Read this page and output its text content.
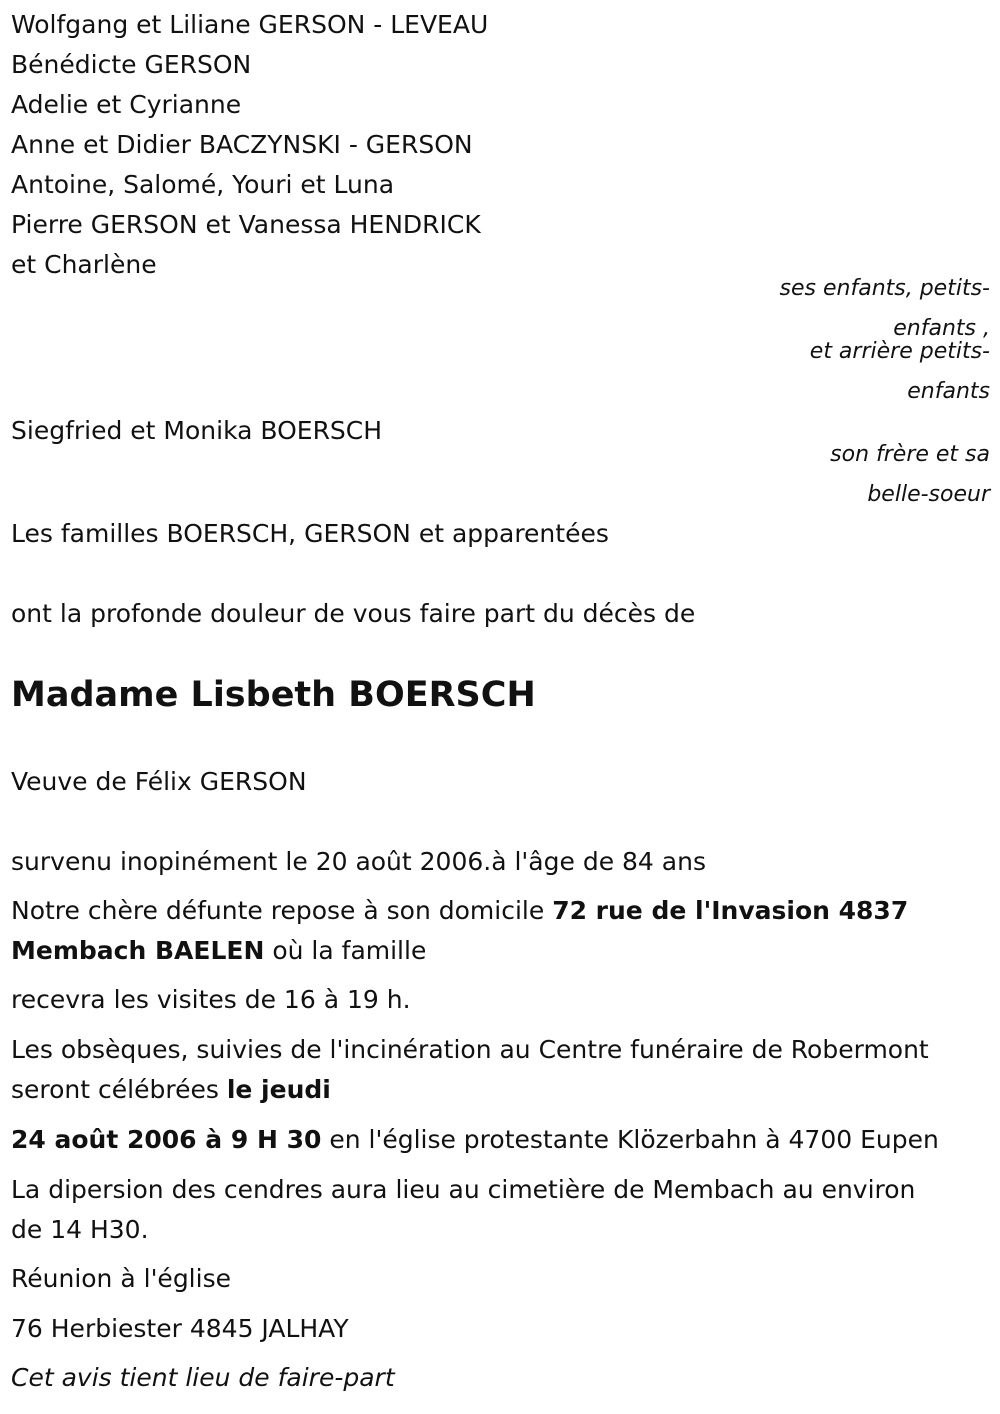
Wolfgang et Liliane GERSON - LEVEAU
Bénédicte GERSON
Adelie et Cyrianne
Anne et Didier BACZYNSKI - GERSON
Antoine, Salomé, Youri et Luna
Pierre GERSON et Vanessa HENDRICK
et Charlène
ses enfants, petits-
enfants ,
et arrière petits-
enfants
Siegfried et Monika BOERSCH
son frère et sa
belle-soeur
Les familles BOERSCH, GERSON et apparentées
ont la profonde douleur de vous faire part du décès de
Madame Lisbeth BOERSCH
Veuve de Félix GERSON
survenu inopinément le 20 août 2006.à l'âge de 84 ans
Notre chère défunte repose à son domicile 72 rue de l'Invasion 4837
Membach BAELEN où la famille
recevra les visites de 16 à 19 h.
Les obsèques, suivies de l'incinération au Centre funéraire de Robermont
seront célébrées le jeudi
24 août 2006 à 9 H 30 en l'église protestante Klözerbahn à 4700 Eupen
La dipersion des cendres aura lieu au cimetière de Membach au environ
de 14 H30.
Réunion à l'église
76 Herbiester 4845 JALHAY
Cet avis tient lieu de faire-part
